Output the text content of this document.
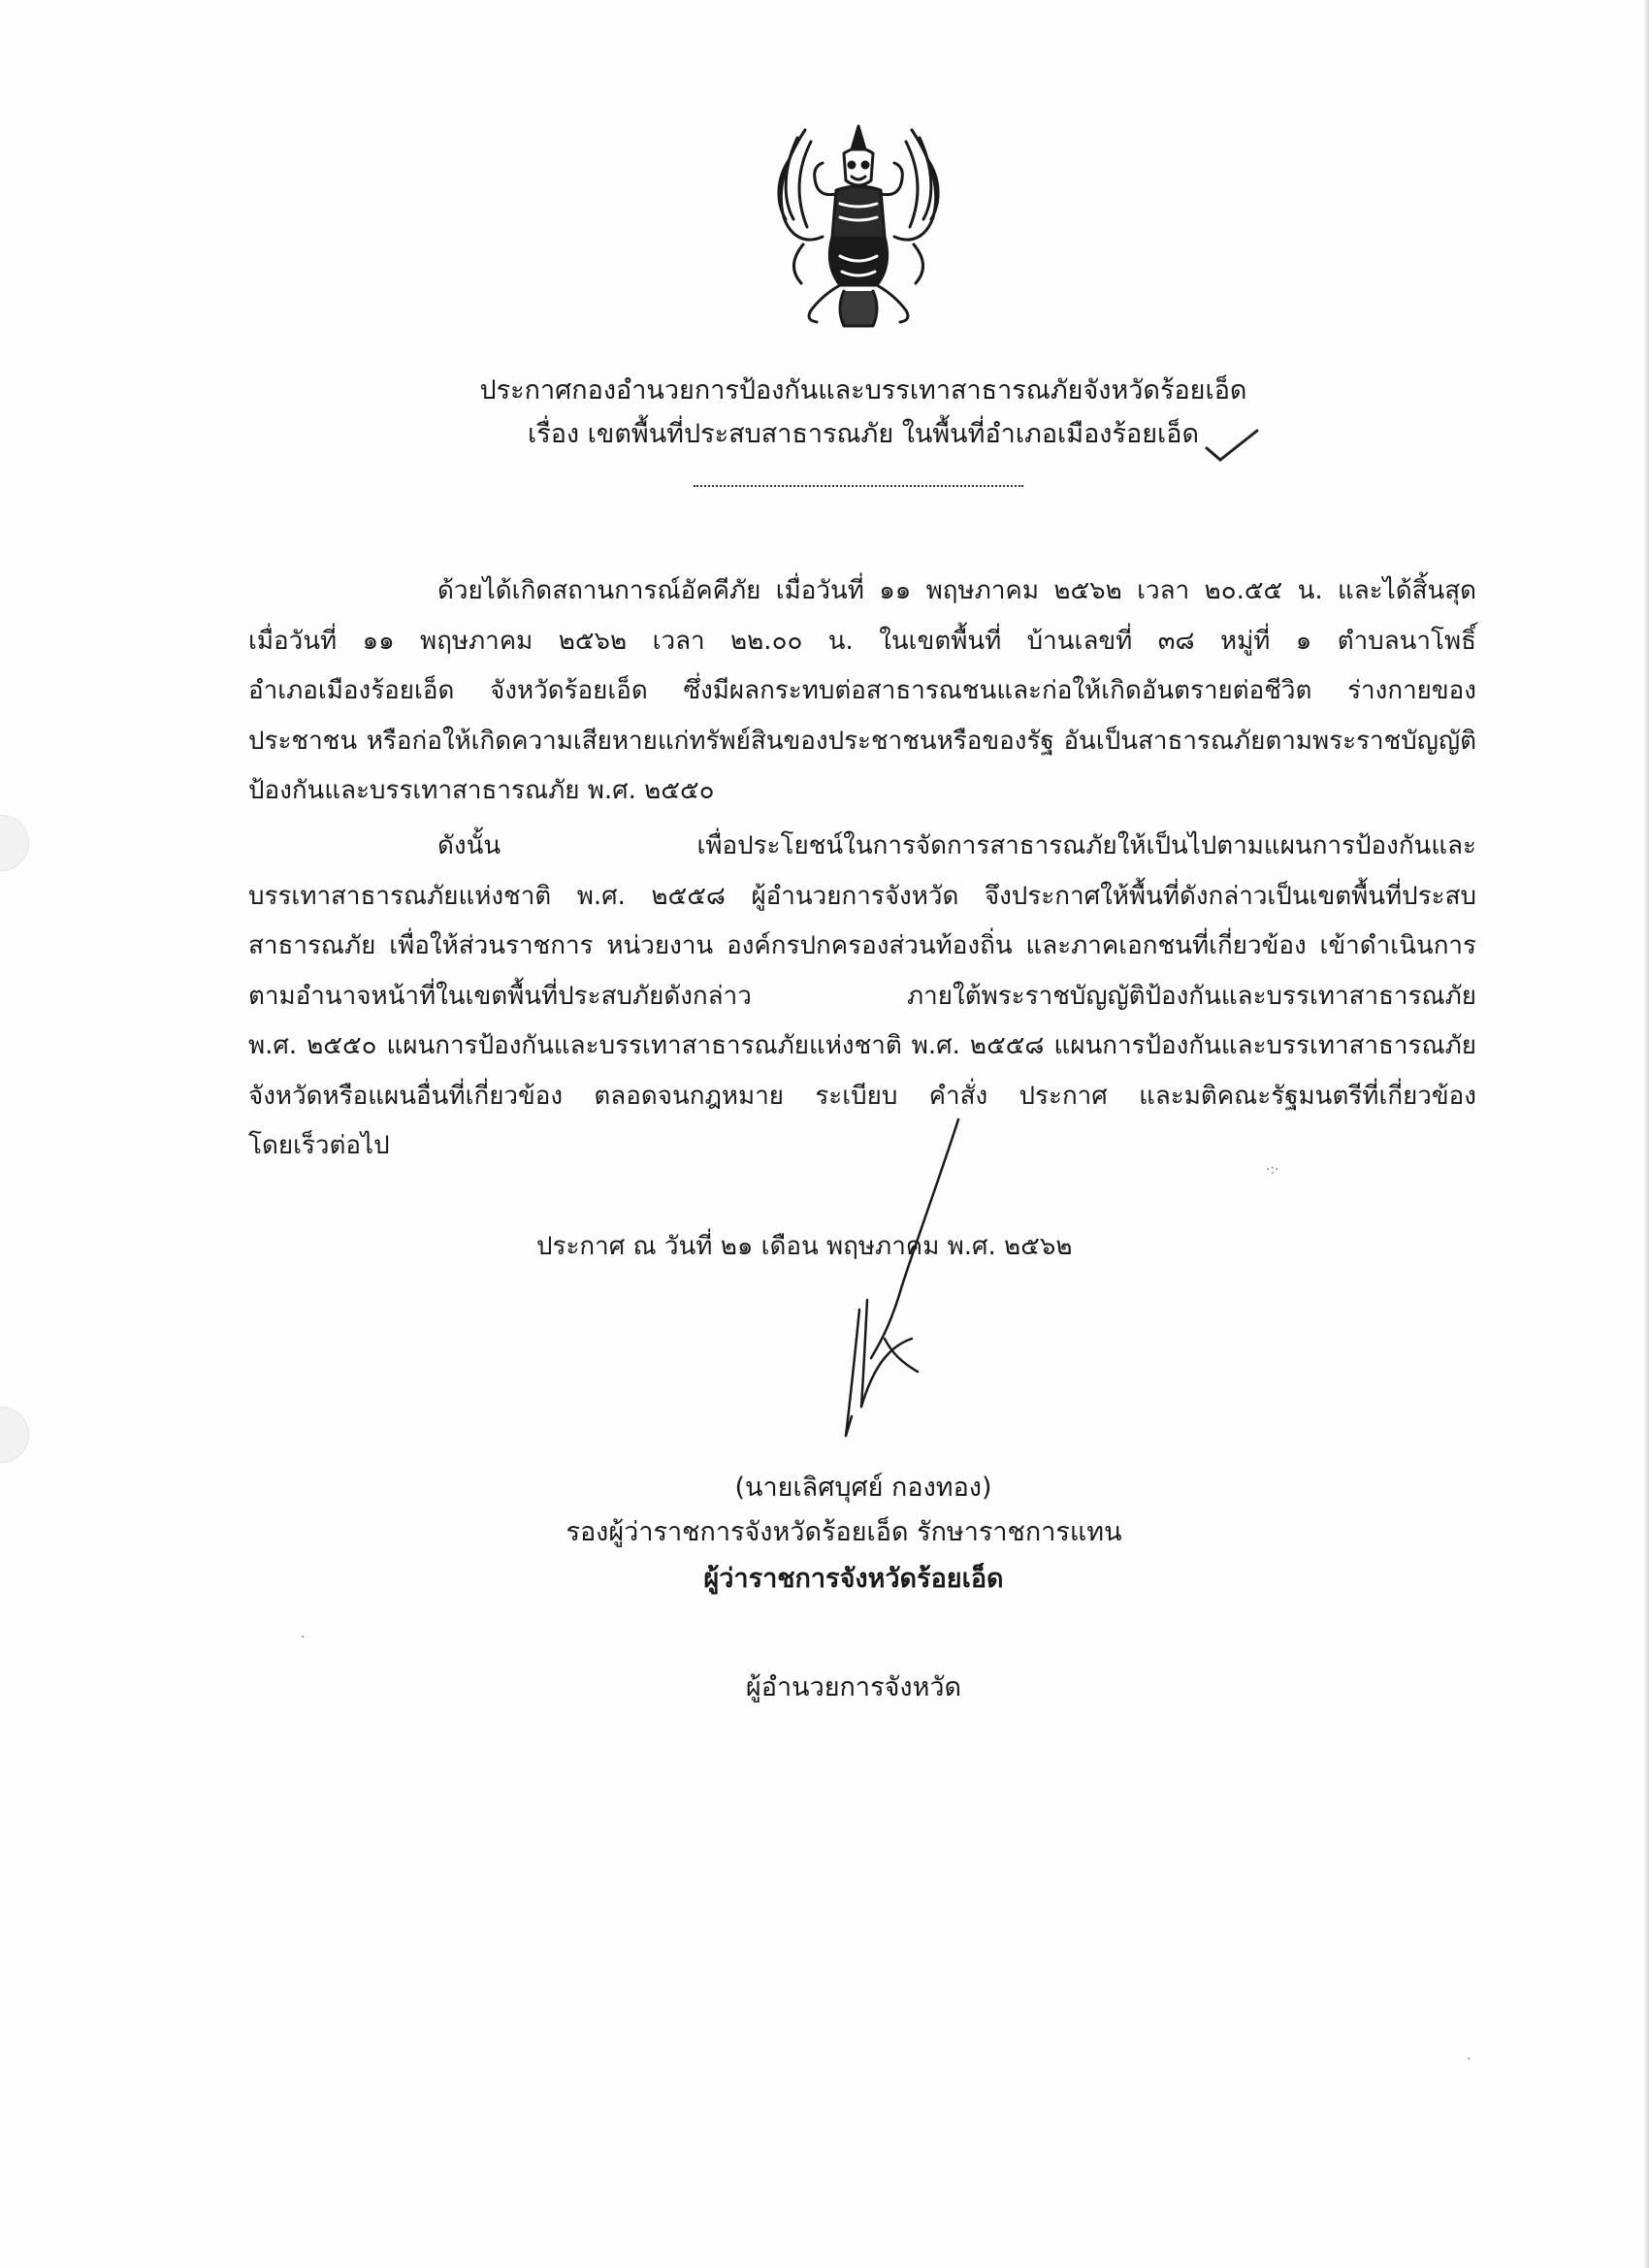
ประกาศกองอำนวยการป้องกันและบรรเทาสาธารณภัยจังหวัดร้อยเอ็ด
เรื่อง เขตพื้นที่ประสบสาธารณภัย ในพื้นที่อำเภอเมืองร้อยเอ็ด
ด้วยได้เกิดสถานการณ์อัคคีภัย เมื่อวันที่ ๑๑ พฤษภาคม ๒๕๖๒ เวลา ๒๐.๕๕ น. และได้สิ้นสุด
เมื่อวันที่ ๑๑ พฤษภาคม ๒๕๖๒ เวลา ๒๒.๐๐ น. ในเขตพื้นที่ บ้านเลขที่ ๓๘ หมู่ที่ ๑ ตำบลนาโพธิ์
อำเภอเมืองร้อยเอ็ด จังหวัดร้อยเอ็ด ซึ่งมีผลกระทบต่อสาธารณชนและก่อให้เกิดอันตรายต่อชีวิต ร่างกายของ
ประชาชน หรือก่อให้เกิดความเสียหายแก่ทรัพย์สินของประชาชนหรือของรัฐ อันเป็นสาธารณภัยตามพระราชบัญญัติ
ป้องกันและบรรเทาสาธารณภัย พ.ศ. ๒๕๕๐
ดังนั้น เพื่อประโยชน์ในการจัดการสาธารณภัยให้เป็นไปตามแผนการป้องกันและ
บรรเทาสาธารณภัยแห่งชาติ พ.ศ. ๒๕๕๘ ผู้อำนวยการจังหวัด จึงประกาศให้พื้นที่ดังกล่าวเป็นเขตพื้นที่ประสบ
สาธารณภัย เพื่อให้ส่วนราชการ หน่วยงาน องค์กรปกครองส่วนท้องถิ่น และภาคเอกชนที่เกี่ยวข้อง เข้าดำเนินการ
ตามอำนาจหน้าที่ในเขตพื้นที่ประสบภัยดังกล่าว ภายใต้พระราชบัญญัติป้องกันและบรรเทาสาธารณภัย
พ.ศ. ๒๕๕๐ แผนการป้องกันและบรรเทาสาธารณภัยแห่งชาติ พ.ศ. ๒๕๕๘ แผนการป้องกันและบรรเทาสาธารณภัย
จังหวัดหรือแผนอื่นที่เกี่ยวข้อง ตลอดจนกฎหมาย ระเบียบ คำสั่ง ประกาศ และมติคณะรัฐมนตรีที่เกี่ยวข้อง
โดยเร็วต่อไป
ประกาศ ณ วันที่ ๒๑ เดือน พฤษภาคม พ.ศ. ๒๕๖๒
(นายเลิศบุศย์ กองทอง)
รองผู้ว่าราชการจังหวัดร้อยเอ็ด รักษาราชการแทน
ผู้ว่าราชการจังหวัดร้อยเอ็ด
ผู้อำนวยการจังหวัด
·:·
·
·
